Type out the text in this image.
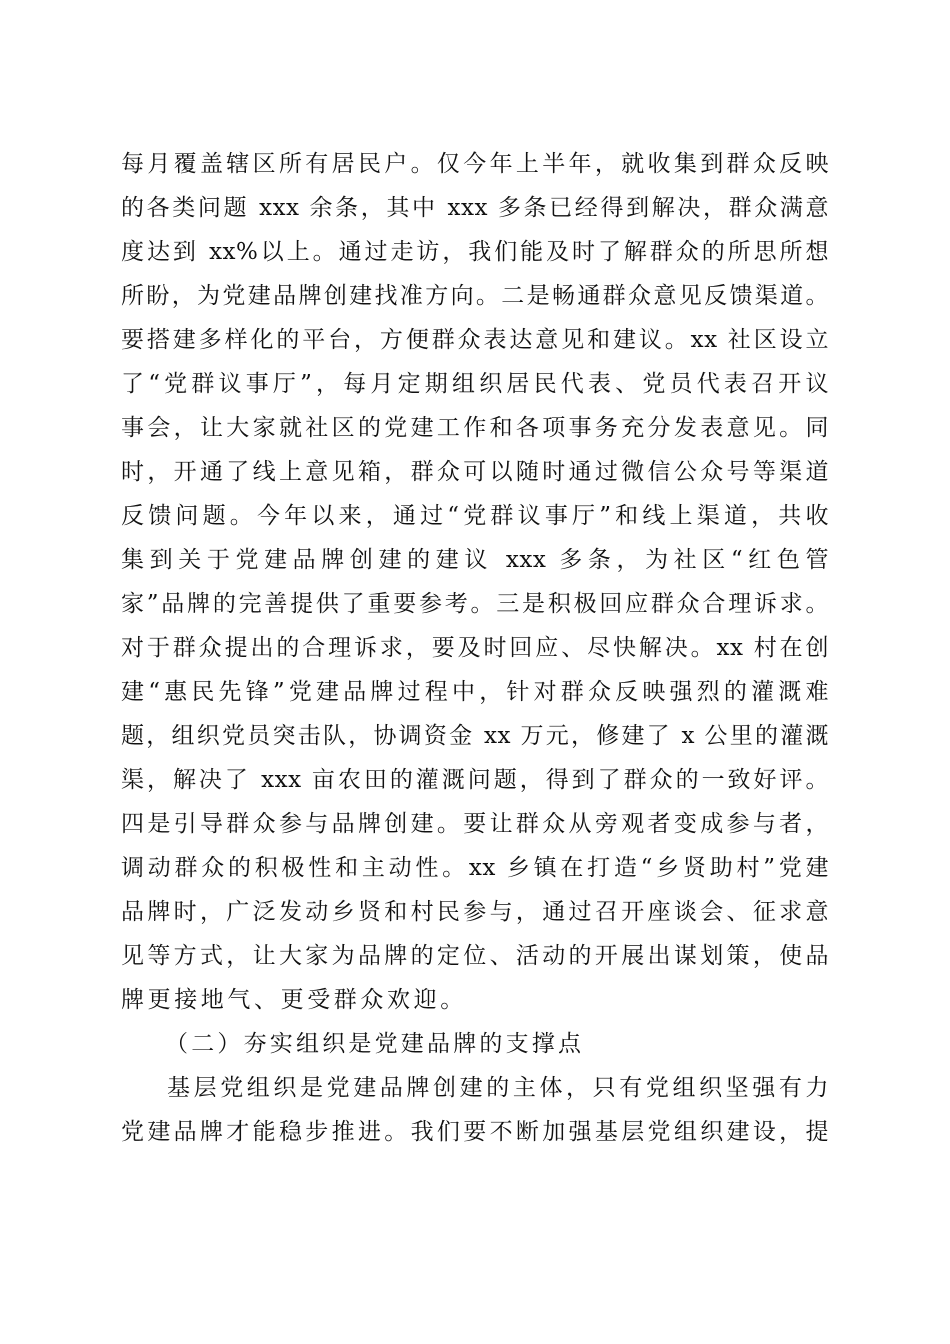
每月覆盖辖区所有居民户。仅今年上半年，就收集到群众反映
的各类问题 xxx 余条，其中 xxx 多条已经得到解决，群众满意
度达到 xx%以上。通过走访，我们能及时了解群众的所思所想
所盼，为党建品牌创建找准方向。二是畅通群众意见反馈渠道。
要搭建多样化的平台，方便群众表达意见和建议。xx 社区设立
了“党群议事厅”，每月定期组织居民代表、党员代表召开议
事会，让大家就社区的党建工作和各项事务充分发表意见。同
时，开通了线上意见箱，群众可以随时通过微信公众号等渠道
反馈问题。今年以来，通过“党群议事厅”和线上渠道，共收
集到关于党建品牌创建的建议 xxx 多条，为社区“红色管
家”品牌的完善提供了重要参考。三是积极回应群众合理诉求。
对于群众提出的合理诉求，要及时回应、尽快解决。xx 村在创
建“惠民先锋”党建品牌过程中，针对群众反映强烈的灌溉难
题，组织党员突击队，协调资金 xx 万元，修建了 x 公里的灌溉
渠，解决了 xxx 亩农田的灌溉问题，得到了群众的一致好评。
四是引导群众参与品牌创建。要让群众从旁观者变成参与者，
调动群众的积极性和主动性。xx 乡镇在打造“乡贤助村”党建
品牌时，广泛发动乡贤和村民参与，通过召开座谈会、征求意
见等方式，让大家为品牌的定位、活动的开展出谋划策，使品
牌更接地气、更受群众欢迎。
（二）夯实组织是党建品牌的支撑点
基层党组织是党建品牌创建的主体，只有党组织坚强有力
党建品牌才能稳步推进。我们要不断加强基层党组织建设，提
